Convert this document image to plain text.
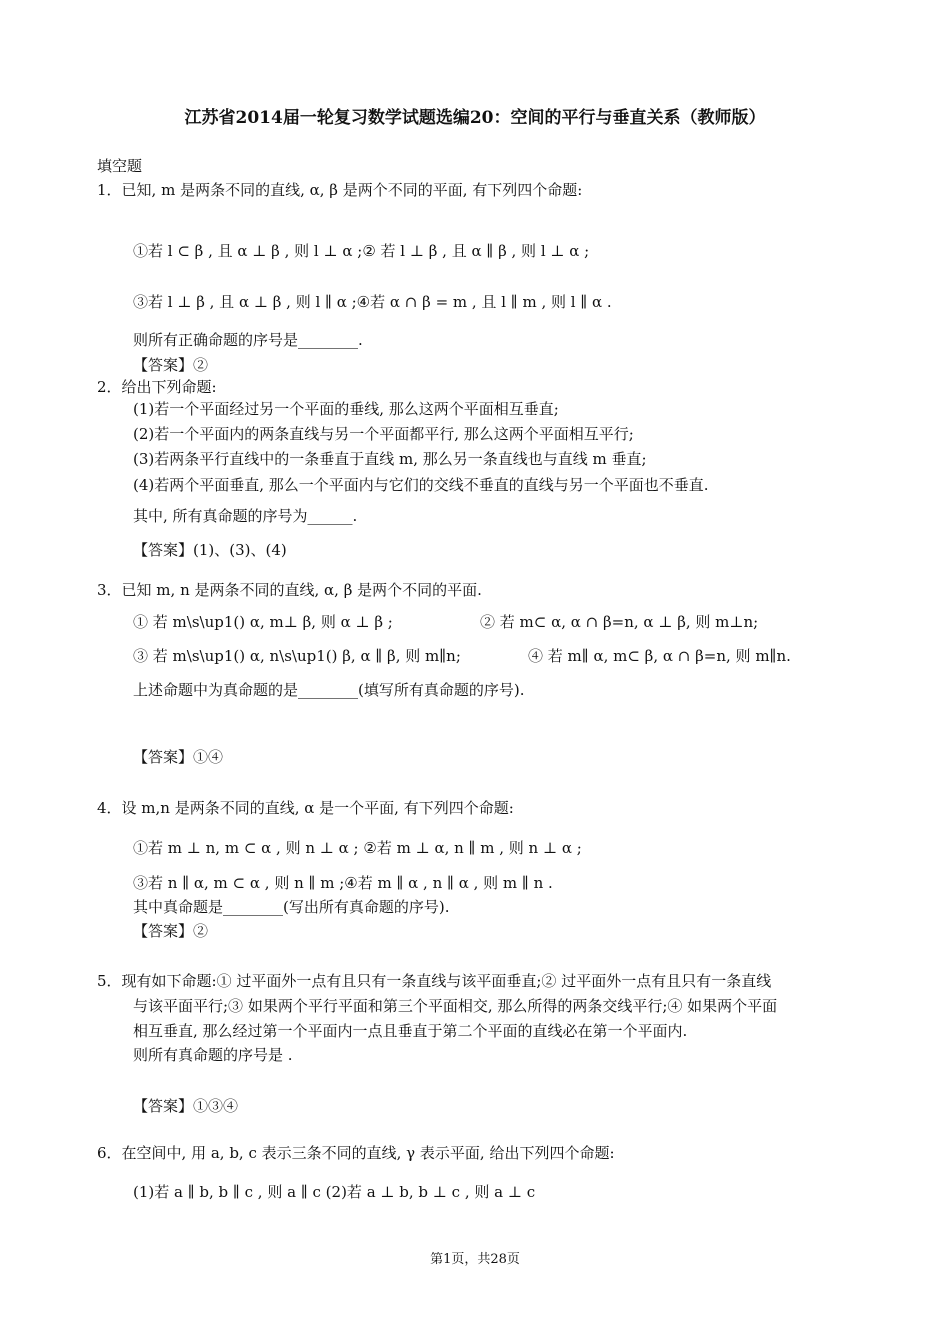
江苏省2014届一轮复习数学试题选编20：空间的平行与垂直关系（教师版）
填空题
1．已知, m 是两条不同的直线, α, β 是两个不同的平面, 有下列四个命题:
①若 l ⊂ β , 且 α ⊥ β , 则 l ⊥ α ;② 若 l ⊥ β , 且 α ∥ β , 则 l ⊥ α ;
③若 l ⊥ β , 且 α ⊥ β , 则 l ∥ α ;④若 α ∩ β = m , 且 l ∥ m , 则 l ∥ α .
则所有正确命题的序号是________.
【答案】②
2．给出下列命题:
(1)若一个平面经过另一个平面的垂线, 那么这两个平面相互垂直;
(2)若一个平面内的两条直线与另一个平面都平行, 那么这两个平面相互平行;
(3)若两条平行直线中的一条垂直于直线 m, 那么另一条直线也与直线 m 垂直;
(4)若两个平面垂直, 那么一个平面内与它们的交线不垂直的直线与另一个平面也不垂直.
其中, 所有真命题的序号为______.
【答案】(1)、(3)、(4)
3．已知 m, n 是两条不同的直线, α, β 是两个不同的平面.
① 若 m\s\up1() α, m⊥ β, 则 α ⊥ β ;	② 若 m⊂ α, α ∩ β=n, α ⊥ β, 则 m⊥n;
③ 若 m\s\up1() α, n\s\up1() β, α ∥ β, 则 m∥n;	④ 若 m∥ α, m⊂ β, α ∩ β=n, 则 m∥n.
上述命题中为真命题的是________(填写所有真命题的序号).
【答案】①④
4．设 m,n 是两条不同的直线, α 是一个平面, 有下列四个命题:
①若 m ⊥ n, m ⊂ α , 则 n ⊥ α ; ②若 m ⊥ α, n ∥ m , 则 n ⊥ α ;
③若 n ∥ α, m ⊂ α , 则 n ∥ m ;④若 m ∥ α , n ∥ α , 则 m ∥ n .
其中真命题是________(写出所有真命题的序号).
【答案】②
5．现有如下命题:① 过平面外一点有且只有一条直线与该平面垂直;② 过平面外一点有且只有一条直线
与该平面平行;③ 如果两个平行平面和第三个平面相交, 那么所得的两条交线平行;④ 如果两个平面
相互垂直, 那么经过第一个平面内一点且垂直于第二个平面的直线必在第一个平面内.
则所有真命题的序号是 .
【答案】①③④
6．在空间中, 用 a, b, c 表示三条不同的直线, γ 表示平面, 给出下列四个命题:
(1)若 a ∥ b, b ∥ c , 则 a ∥ c (2)若 a ⊥ b, b ⊥ c , 则 a ⊥ c
第1页，共28页
